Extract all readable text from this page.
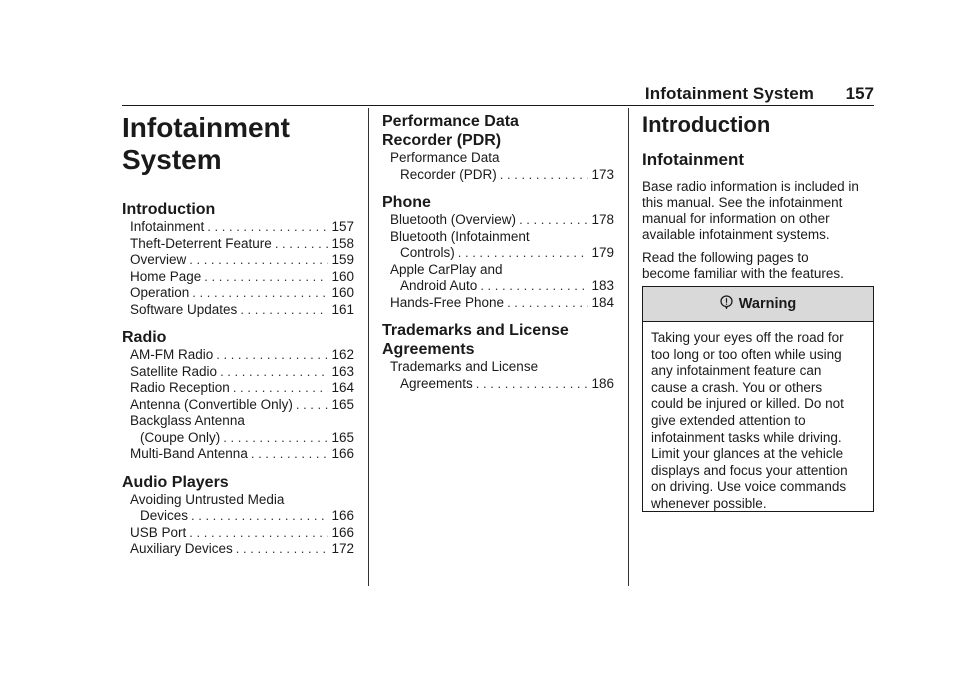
Infotainment System	157
Infotainment
System
Introduction
Infotainment . . .	157
Theft-Deterrent Feature . . .	158
Overview . . .	159
Home Page . . .	160
Operation . . .	160
Software Updates . . .	161
Radio
AM-FM Radio . . .	162
Satellite Radio . . .	163
Radio Reception . . .	164
Antenna (Convertible Only) . . .	165
Backglass Antenna
(Coupe Only) . . .	165
Multi-Band Antenna . . .	166
Audio Players
Avoiding Untrusted Media
Devices . . .	166
USB Port . . .	166
Auxiliary Devices . . .	172
Performance Data
Recorder (PDR)
Performance Data
Recorder (PDR) . . .	173
Phone
Bluetooth (Overview) . . .	178
Bluetooth (Infotainment
Controls) . . .	179
Apple CarPlay and
Android Auto . . .	183
Hands-Free Phone . . .	184
Trademarks and License
Agreements
Trademarks and License
Agreements . . .	186
Introduction
Infotainment

Base radio information is included in
this manual. See the infotainment
manual for information on other
available infotainment systems.

Read the following pages to
become familiar with the features.

Warning
Taking your eyes off the road for
too long or too often while using
any infotainment feature can
cause a crash. You or others
could be injured or killed. Do not
give extended attention to
infotainment tasks while driving.
Limit your glances at the vehicle
displays and focus your attention
on driving. Use voice commands
whenever possible.
